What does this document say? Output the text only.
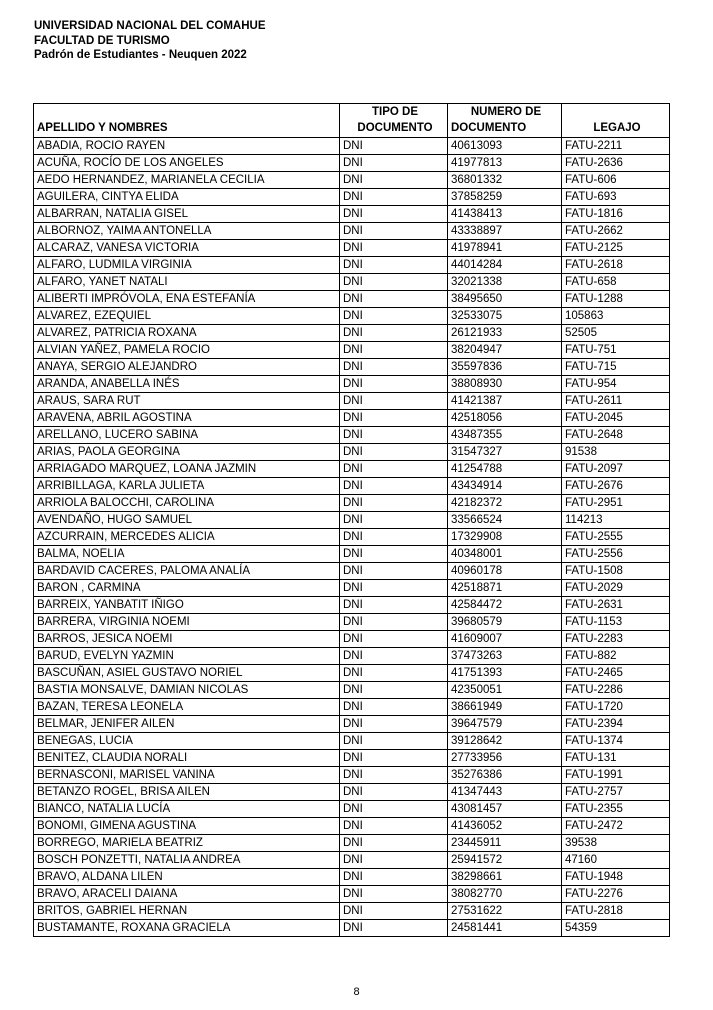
UNIVERSIDAD NACIONAL DEL COMAHUE
FACULTAD DE TURISMO
Padrón de Estudiantes - Neuquen 2022
	TIPO DE	NUMERO DE	
APELLIDO Y NOMBRES	DOCUMENTO	DOCUMENTO	LEGAJO
ABADIA, ROCIO RAYEN	DNI	40613093	FATU-2211
ACUÑA, ROCÍO DE LOS ANGELES	DNI	41977813	FATU-2636
AEDO HERNANDEZ, MARIANELA CECILIA	DNI	36801332	FATU-606
AGUILERA, CINTYA ELIDA	DNI	37858259	FATU-693
ALBARRAN, NATALIA GISEL	DNI	41438413	FATU-1816
ALBORNOZ, YAIMA ANTONELLA	DNI	43338897	FATU-2662
ALCARAZ, VANESA VICTORIA	DNI	41978941	FATU-2125
ALFARO, LUDMILA VIRGINIA	DNI	44014284	FATU-2618
ALFARO, YANET NATALI	DNI	32021338	FATU-658
ALIBERTI IMPRÓVOLA, ENA ESTEFANÍA	DNI	38495650	FATU-1288
ALVAREZ, EZEQUIEL	DNI	32533075	105863
ALVAREZ, PATRICIA ROXANA	DNI	26121933	52505
ALVIAN YAÑEZ, PAMELA ROCIO	DNI	38204947	FATU-751
ANAYA, SERGIO ALEJANDRO	DNI	35597836	FATU-715
ARANDA, ANABELLA INÉS	DNI	38808930	FATU-954
ARAUS, SARA RUT	DNI	41421387	FATU-2611
ARAVENA, ABRIL AGOSTINA	DNI	42518056	FATU-2045
ARELLANO, LUCERO SABINA	DNI	43487355	FATU-2648
ARIAS, PAOLA GEORGINA	DNI	31547327	91538
ARRIAGADO MARQUEZ, LOANA JAZMIN	DNI	41254788	FATU-2097
ARRIBILLAGA, KARLA JULIETA	DNI	43434914	FATU-2676
ARRIOLA BALOCCHI, CAROLINA	DNI	42182372	FATU-2951
AVENDAÑO, HUGO SAMUEL	DNI	33566524	114213
AZCURRAIN, MERCEDES ALICIA	DNI	17329908	FATU-2555
BALMA, NOELIA	DNI	40348001	FATU-2556
BARDAVID CACERES, PALOMA ANALÍA	DNI	40960178	FATU-1508
BARON , CARMINA	DNI	42518871	FATU-2029
BARREIX, YANBATIT IÑIGO	DNI	42584472	FATU-2631
BARRERA, VIRGINIA NOEMI	DNI	39680579	FATU-1153
BARROS, JESICA NOEMI	DNI	41609007	FATU-2283
BARUD, EVELYN YAZMIN	DNI	37473263	FATU-882
BASCUÑAN, ASIEL GUSTAVO NORIEL	DNI	41751393	FATU-2465
BASTIA MONSALVE, DAMIAN NICOLAS	DNI	42350051	FATU-2286
BAZAN, TERESA LEONELA	DNI	38661949	FATU-1720
BELMAR, JENIFER AILEN	DNI	39647579	FATU-2394
BENEGAS, LUCIA	DNI	39128642	FATU-1374
BENITEZ, CLAUDIA NORALI	DNI	27733956	FATU-131
BERNASCONI, MARISEL VANINA	DNI	35276386	FATU-1991
BETANZO ROGEL, BRISA AILEN	DNI	41347443	FATU-2757
BIANCO, NATALIA LUCÍA	DNI	43081457	FATU-2355
BONOMI, GIMENA AGUSTINA	DNI	41436052	FATU-2472
BORREGO, MARIELA BEATRIZ	DNI	23445911	39538
BOSCH PONZETTI, NATALIA ANDREA	DNI	25941572	47160
BRAVO, ALDANA LILEN	DNI	38298661	FATU-1948
BRAVO, ARACELI DAIANA	DNI	38082770	FATU-2276
BRITOS, GABRIEL HERNAN	DNI	27531622	FATU-2818
BUSTAMANTE, ROXANA GRACIELA	DNI	24581441	54359
8
